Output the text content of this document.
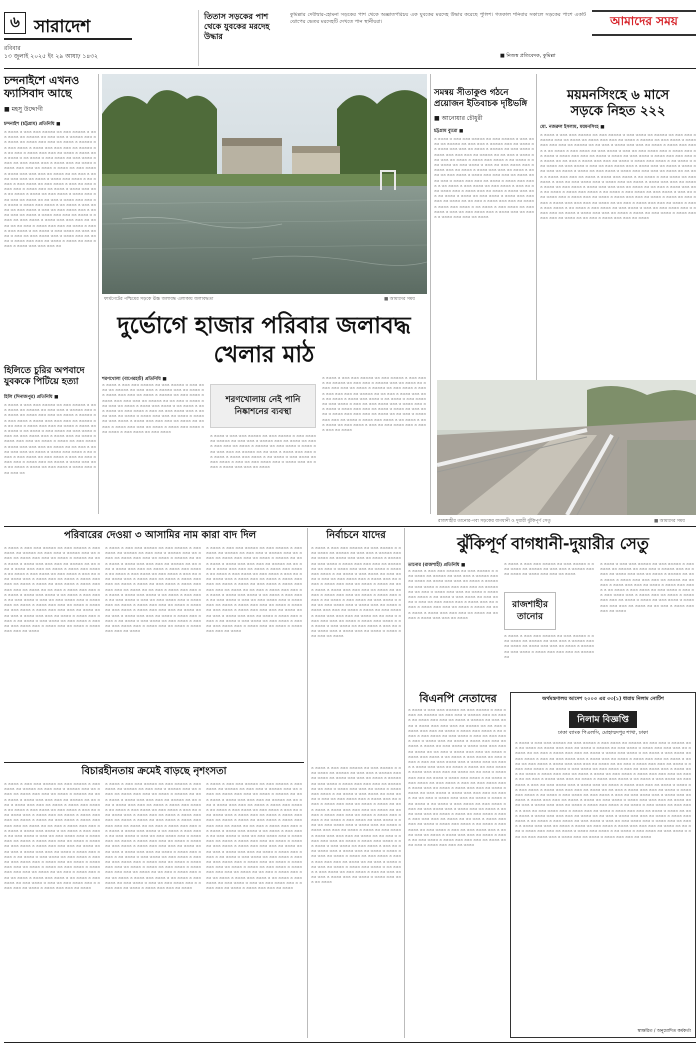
৬ সারাদেশ
রবিবার
১৩ জুলাই ২০২৫ ইং ২৯ আষাঢ় ১৪৩২
তিতাস সড়কের পাশ থেকে যুবকের মরদেহ উদ্ধার
কুমিল্লার দেবীদ্বার-হোমনা সড়কের পাশ থেকে অজ্ঞাতপরিচয় এক যুবকের মরদেহ উদ্ধার করেছে পুলিশ। গতকাল শনিবার সকালে সড়কের পাশে একটি ঝোপের ভেতর মরদেহটি দেখতে পান স্থানীয়রা।
■ নিজস্ব প্রতিবেদক, কুমিল্লা
আমাদের সময়
চন্দনাইশে এখনও ফ্যাসিবাদ আছে
■ মহসু উদ্দোগী
চন্দনাইশ (চট্টগ্রাম) প্রতিনিধি ■
ও ওওওও ও ওওও ওওও ওওওওও ওও ওওও ওওওওও ও ওওও ওওওও ওও ওওওওও ওও ওওও ওওও ও ওওওওও ওওও ওও ওওওও ওও ওওওও ওওও ওওও ওও ওওওও ও ওওওওও ওও ওওও ওওওও ও ওওওও ওওও ওওও ওওও ওও ওওওওও ওও ওও ওওও ও ওওওও ওওও ওওও ওও ওওওও ও ওওওও ওওও ওওওও ও ওও ওওওও ও ওওও ওওওও ওও ওওও ওওওও ও ওওও ওও ওওও ওওওও ওওও ও ওওওও ওওও ওও ওওওও ও ওওওও ওওও ওওও ওও ওওওও ও ওওওও ওও ওওও ওওওও ও ওওওও ওওও ওওও ওওও ওও ওওওও ওও ওও ওওও ও ওওওও ওওও ওওও ওও ওওওও ও ওওওও ওওও ওওওও ও ওও ওওওও ও ওওও ওওওও ওও ওওও ওওওও ও ওওও ওও ওওও ওওওও ওওও ও ওওওও ওওও ওও ওওওও ও ওওওও ওওও ওওও ওও ওওওও ও ওওওও ওও ওওও ওওওও ও ওওওও ওওও ওওও ওওও ওও ওওওও ওও ওও ওওও ও ওওওও ওওও ওওও ওও ওওওও ও ওওওও ওওও ওওওও ও ওও ওওওও ও ওওও ওওওও ওও ওওও ওওওও ও ওওও ওও ওওও ওওওও ওওও ও ওওওও ওওও ওও ওওওও ও ওওওও ওওও ওওও ওও ওওওও ও ওওওও ওও ওওও ওওওও ও ওওওও ওওও ওওও ওওও ওও ওওওও ওও ওও ওওও ও ওওওও ওওও ওওও ওও ওওওও ও ওওওও ওওও ওওওও ও ওও ওওওও ও ওওও ওওওও ওও ওওও ওওওও ও ওওও ওও ওওও ওওওও ওওও ও ওওওও ওওও ওও ওওওও ও ওওওও ওওও ওওও ওও ওওওও ও ওওওও ওও ওওও ওওওও ও ওওওও ওওও ওওও ওওও ওও
হিলিতে চুরির অপবাদে যুবককে পিটিয়ে হত্যা
হিলি (দিনাজপুর) প্রতিনিধি ■
ও ওওওও ও ওওও ওওও ওওওওও ওও ওওও ওওওওও ও ওওও ওওওও ওও ওওওওও ওও ওওও ওওও ও ওওওওও ওওও ওও ওওওও ওও ওওওও ওওও ওওও ওও ওওওও ও ওওওওও ওও ওওও ওওওও ও ওওওও ওওও ওওও ওওও ওও ওওওওও ওও ওও ওওও ও ওওওও ওওও ওওও ওও ওওওও ও ওওওও ওওও ওওওও ও ওও ওওওও ও ওওও ওওওও ওও ওওও ওওওও ও ওওও ওও ওওও ওওওও ওওও ও ওওওও ওওও ওও ওওওও ও ওওওও ওওও ওওও ওও ওওওও ও ওওওও ওও ওওও ওওওও ও ওওওও ওওও ওওও ওওও ওও ওওওও ওও ওও ওওও ও ওওওও ওওও ওওও ওও ওওওও ও ওওওও ওওও ওওওও ও ওও ওওওও ও ওওও ওওওও ওও ওওও ওওওও ও ওওও ওও ওওও ওওওও ওওও ও ওওওও ওওও ওও ওওওও ও ওওওও ওওও ওওও ওও ওওওও ও ওওওও ওও ওওও ওওওও ও ওওওও ওওও ওওও ওওও ওও
ফার্মগেটের পশ্চিমের সড়কে ঊচ্চ জলাবদ্ধ এলাকায় জলাবদ্ধতা	■ আমাদের সময়
দুর্ভোগে হাজার পরিবার জলাবদ্ধ খেলার মাঠ
শরণখোলা (বাগেরহাট) প্রতিনিধি ■
ও ওওওও ও ওওও ওওও ওওওওও ওও ওওও ওওওওও ও ওওও ওওওও ওও ওওওওও ওও ওওও ওওও ও ওওওওও ওওও ওও ওওওও ওও ওওওও ওওও ওওও ওও ওওওও ও ওওওওও ওও ওওও ওওওও ও ওওওও ওওও ওওও ওওও ওও ওওওওও ওও ওও ওওও ও ওওওও ওওও ওওও ওও ওওওও ও ওওওও ওওও ওওওও ও ওও ওওওও ও ওওও ওওওও ওও ওওও ওওওও ও ওওও ওও ওওও ওওওও ওওও ও ওওওও ওওও ওও ওওওও ও ওওওও ওওও ওওও ওও ওওওও ও ওওওও ওও ওওও ওওওও ও ওওওও ওওও ওওও ওওও ওও ওওওও ওও ওও ওওও ও ওওওও ওওও ওওও ওও ওওওও ও ওওওও ওওও ওওওও ও ওও ওওওও ও ওওও ওওওও ওও ওওও ওওওও
শরণখোলায় নেই পানি নিষ্কাশনের ব্যবস্থা
ও ওওওও ও ওওও ওওও ওওওওও ওও ওওও ওওওওও ও ওওও ওওওও ওও ওওওওও ওও ওওও ওওও ও ওওওওও ওওও ওও ওওওও ওও ওওওও ওওও ওওও ওও ওওওও ও ওওওওও ওও ওওও ওওওও ও ওওওও ওওও ওওও ওওও ওও ওওওওও ওও ওও ওওও ও ওওওও ওওও ওওও ওও ওওওও ও ওওওও ওওও ওওওও ও ওও ওওওও ও ওওও ওওওও ওও ওওও ওওওও ও ওওও ওও ওওও ওওওও ওওও ও ওওওও ওওও ওও ওওওও ও ওওওও ওওও ওওও ওও ওওওও
ও ওওওও ও ওওও ওওও ওওওওও ওও ওওও ওওওওও ও ওওও ওওওও ওও ওওওওও ওও ওওও ওওও ও ওওওওও ওওও ওও ওওওও ওও ওওওও ওওও ওওও ওও ওওওও ও ওওওওও ওও ওওও ওওওও ও ওওওও ওওও ওওও ওওও ওও ওওওওও ওও ওও ওওও ও ওওওও ওওও ওওও ওও ওওওও ও ওওওও ওওও ওওওও ও ওও ওওওও ও ওওও ওওওও ওও ওওও ওওওও ও ওওও ওও ওওও ওওওও ওওও ও ওওওও ওওও ওও ওওওও ও ওওওও ওওও ওওও ওও ওওওও ও ওওওও ওও ওওও ওওওও ও ওওওও ওওও ওওও ওওও ওও ওওওও ওও ওও ওওও ও ওওওও ওওও ওওও ওও ওওওও ও ওওওও ওওও ওওওও ও ওও ওওওও ও ওওও ওওওও ওও ওওও ওওওও ও ওওও ওও ওওও ওওওও ওওও ও ওওওও ওওও ওও ওওওও
সমন্বয় সীতাকুণ্ড গঠনে প্রয়োজন ইতিবাচক দৃষ্টিভঙ্গি
■ আনোয়ার চৌধুরী
চট্টগ্রাম ব্যুরো ■
ও ওওওও ও ওওও ওওও ওওওওও ওও ওওও ওওওওও ও ওওও ওওওও ওও ওওওওও ওও ওওও ওওও ও ওওওওও ওওও ওও ওওওও ওও ওওওও ওওও ওওও ওও ওওওও ও ওওওওও ওও ওওও ওওওও ও ওওওও ওওও ওওও ওওও ওও ওওওওও ওও ওও ওওও ও ওওওও ওওও ওওও ওও ওওওও ও ওওওও ওওও ওওওও ও ওও ওওওও ও ওওও ওওওও ওও ওওও ওওওও ও ওওও ওও ওওও ওওওও ওওও ও ওওওও ওওও ওও ওওওও ও ওওওও ওওও ওওও ওও ওওওও ও ওওওও ওও ওওও ওওওও ও ওওওও ওওও ওওও ওওও ওও ওওওও ওও ওও ওওও ও ওওওও ওওও ওওও ওও ওওওও ও ওওওও ওওও ওওওও ও ওও ওওওও ও ওওও ওওওও ওও ওওও ওওওও ও ওওও ওও ওওও ওওওও ওওও ও ওওওও ওওও ওও ওওওও ও ওওওও ওওও ওওও ওও ওওওও ও ওওওও ওও ওওও ওওওও ও ওওওও ওওও ওওও ওওও ওও ওওওও ওও ওও ওওও ও ওওওও ওওও ওওও ওও ওওওও ও ওওওও ওওও ওওওও ও ওও ওওওও ও ওওও ওওওও ওও ওওও ওওওও ও ওওও ওও ওওও ওওওও ওওও ও ওওওও ওওও ওও ওওওও ও ওওওও ওওও ওওও ওও ওওওও
ময়মনসিংহে ৬ মাসে
সড়কে নিহত ২২২
মো. নজরুল ইসলাম, ময়মনসিংহ ■
ও ওওওও ও ওওও ওওও ওওওওও ওও ওওও ওওওওও ও ওওও ওওওও ওও ওওওওও ওও ওওও ওওও ও ওওওওও ওওও ওও ওওওও ওও ওওওও ওওও ওওও ওও ওওওও ও ওওওওও ওও ওওও ওওওও ও ওওওও ওওও ওওও ওওও ওও ওওওওও ওও ওও ওওও ও ওওওও ওওও ওওও ওও ওওওও ও ওওওও ওওও ওওওও ও ওও ওওওও ও ওওও ওওওও ওও ওওও ওওওও ও ওওও ওও ওওও ওওওও ওওও ও ওওওও ওওও ওও ওওওও ও ওওওও ওওও ওওও ওও ওওওও ও ওওওও ওও ওওও ওওওও ও ওওওও ওওও ওওও ওওও ওও ওওওও ওও ওও ওওও ও ওওওও ওওও ওওও ওও ওওওও ও ওওওও ওওও ওওওও ও ওও ওওওও ও ওওও ওওওও ওও ওওও ওওওও ও ওওও ওও ওওও ওওওও ওওও ও ওওওও ওওও ওও ওওওও ও ওওওও ওওও ওওও ওও ওওওও ও ওওওও ওও ওওও ওওওও ও ওওওও ওওও ওওও ওওও ওও ওওওও ওও ওও ওওও ও ওওওও ওওও ওওও ওও ওওওও ও ওওওও ওওও ওওওও ও ওও ওওওও ও ওওও ওওওও ওও ওওও ওওওও ও ওওও ওও ওওও ওওওও ওওও ও ওওওও ওওও ওও ওওওও ও ওওওও ওওও ওওও ওও ওওওও ও ওওওও ওও ওওও ওওওও ও ওওওও ওওও ওওও ওওও ওও ওওওও ওও ওও ওওও ও ওওওও ওওও ওওও ওও ওওওও ও ওওওও ওওও ওওওও ও ওও ওওওও ও ওওও ওওওও ওও ওওও ওওওও ও ওওও ওও ওওও ওওওও ওওও ও ওওওও ওওও ওও ওওওও ও ওওওও ওওও ওওও ওও ওওওও ও ওওওও ওও ওওও ওওওও ও ওওওও ওওও ওওও ওওও ওও ওওওও ওও ওও ওওও ও ওওওও ওওও ওওও ওও ওওওও ও ওওওও ওওও ওওওও ও ওও ওওওও ও ওওও ওওওও ওও ওওও ওওওও ও ওওও ওও ওওও ওওওও ওওও ও ওওওও ওওও ওও ওওওও ও ওওওও ওওও ওওও ওও ওওওও ও ওওওও ওও ওওও ওওওও ও ওওওও ওওও ওওও ওওও ওও ওওওও ওও ওও ওওও ও ওওওও ওওও ওওও ওও ওওওও
রাজশাহীর তানোর-পবা সড়কের বাগধানী ও দুয়ারী ঝুঁকিপূর্ণ সেতু	■ আমাদের সময়
পরিবারের দেওয়া ৩ আসামির নাম কারা বাদ দিল
ও ওওওও ও ওওও ওওও ওওওওও ওও ওওও ওওওওও ও ওওও ওওওও ওও ওওওওও ওও ওওও ওওও ও ওওওওও ওওও ওও ওওওও ওও ওওওও ওওও ওওও ওও ওওওও ও ওওওওও ওও ওওও ওওওও ও ওওওও ওওও ওওও ওওও ওও ওওওওও ওও ওও ওওও ও ওওওও ওওও ওওও ওও ওওওও ও ওওওও ওওও ওওওও ও ওও ওওওও ও ওওও ওওওও ওও ওওও ওওওও ও ওওও ওও ওওও ওওওও ওওও ও ওওওও ওওও ওও ওওওও ও ওওওও ওওও ওওও ওও ওওওও ও ওওওও ওও ওওও ওওওও ও ওওওও ওওও ওওও ওওও ওও ওওওও ওও ওও ওওও ও ওওওও ওওও ওওও ওও ওওওও ও ওওওও ওওও ওওওও ও ওও ওওওও ও ওওও ওওওও ওও ওওও ওওওও ও ওওও ওও ওওও ওওওও ওওও ও ওওওও ওওও ওও ওওওও ও ওওওও ওওও ওওও ওও ওওওও ও ওওওও ওও ওওও ওওওও ও ওওওও ওওও ওওও ওওও ওও ওওওও ওও ওও ওওও ও ওওওও ওওও ওওও ওও ওওওও ও ওওওও ওওও ওওওও ও ওও ওওওও ও ওওও ওওওও ওও ওওও ওওওও ও ওওও ওও ওওও ওওওও ওওও ও ওওওও ওওও ওও ওওওও ও ওওওও ওওও ওওও ওও ওওওও
ও ওওওও ও ওওও ওওও ওওওওও ওও ওওও ওওওওও ও ওওও ওওওও ওও ওওওওও ওও ওওও ওওও ও ওওওওও ওওও ওও ওওওও ওও ওওওও ওওও ওওও ওও ওওওও ও ওওওওও ওও ওওও ওওওও ও ওওওও ওওও ওওও ওওও ওও ওওওওও ওও ওও ওওও ও ওওওও ওওও ওওও ওও ওওওও ও ওওওও ওওও ওওওও ও ওও ওওওও ও ওওও ওওওও ওও ওওও ওওওও ও ওওও ওও ওওও ওওওও ওওও ও ওওওও ওওও ওও ওওওও ও ওওওও ওওও ওওও ওও ওওওও ও ওওওও ওও ওওও ওওওও ও ওওওও ওওও ওওও ওওও ওও ওওওও ওও ওও ওওও ও ওওওও ওওও ওওও ওও ওওওও ও ওওওও ওওও ওওওও ও ওও ওওওও ও ওওও ওওওও ওও ওওও ওওওও ও ওওও ওও ওওও ওওওও ওওও ও ওওওও ওওও ওও ওওওও ও ওওওও ওওও ওওও ওও ওওওও ও ওওওও ওও ওওও ওওওও ও ওওওও ওওও ওওও ওওও ওও ওওওও ওও ওও ওওও ও ওওওও ওওও ওওও ওও ওওওও ও ওওওও ওওও ওওওও ও ওও ওওওও ও ওওও ওওওও ওও ওওও ওওওও ও ওওও ওও ওওও ওওওও ওওও ও ওওওও ওওও ওও ওওওও ও ওওওও ওওও ওওও ওও ওওওও
ও ওওওও ও ওওও ওওও ওওওওও ওও ওওও ওওওওও ও ওওও ওওওও ওও ওওওওও ওও ওওও ওওও ও ওওওওও ওওও ওও ওওওও ওও ওওওও ওওও ওওও ওও ওওওও ও ওওওওও ওও ওওও ওওওও ও ওওওও ওওও ওওও ওওও ওও ওওওওও ওও ওও ওওও ও ওওওও ওওও ওওও ওও ওওওও ও ওওওও ওওও ওওওও ও ওও ওওওও ও ওওও ওওওও ওও ওওও ওওওও ও ওওও ওও ওওও ওওওও ওওও ও ওওওও ওওও ওও ওওওও ও ওওওও ওওও ওওও ওও ওওওও ও ওওওও ওও ওওও ওওওও ও ওওওও ওওও ওওও ওওও ওও ওওওও ওও ওও ওওও ও ওওওও ওওও ওওও ওও ওওওও ও ওওওও ওওও ওওওও ও ওও ওওওও ও ওওও ওওওও ওও ওওও ওওওও ও ওওও ওও ওওও ওওওও ওওও ও ওওওও ওওও ওও ওওওও ও ওওওও ওওও ওওও ওও ওওওও ও ওওওও ওও ওওও ওওওও ও ওওওও ওওও ওওও ওওও ওও ওওওও ওও ওও ওওও ও ওওওও ওওও ওওও ওও ওওওও ও ওওওও ওওও ওওওও ও ওও ওওওও ও ওওও ওওওও ওও ওওও ওওওও ও ওওও ওও ওওও ওওওও ওওও ও ওওওও ওওও ওও ওওওও ও ওওওও ওওও ওওও ওও ওওওও
নির্বাচনে যাদের
ও ওওওও ও ওওও ওওও ওওওওও ওও ওওও ওওওওও ও ওওও ওওওও ওও ওওওওও ওও ওওও ওওও ও ওওওওও ওওও ওও ওওওও ওও ওওওও ওওও ওওও ওও ওওওও ও ওওওওও ওও ওওও ওওওও ও ওওওও ওওও ওওও ওওও ওও ওওওওও ওও ওও ওওও ও ওওওও ওওও ওওও ওও ওওওও ও ওওওও ওওও ওওওও ও ওও ওওওও ও ওওও ওওওও ওও ওওও ওওওও ও ওওও ওও ওওও ওওওও ওওও ও ওওওও ওওও ওও ওওওও ও ওওওও ওওও ওওও ওও ওওওও ও ওওওও ওও ওওও ওওওও ও ওওওও ওওও ওওও ওওও ওও ওওওও ওও ওও ওওও ও ওওওও ওওও ওওও ওও ওওওও ও ওওওও ওওও ওওওও ও ওও ওওওও ও ওওও ওওওও ওও ওওও ওওওও ও ওওও ওও ওওও ওওওও ওওও ও ওওওও ওওও ওও ওওওও ও ওওওও ওওও ওওও ওও ওওওও ও ওওওও ওও ওওও ওওওও ও ওওওও ওওও ওওও ওওও ওও ওওওও ওও ওও ওওও ও ওওওও ওওও ওওও ওও ওওওও ও ওওওও ওওও ওওওও ও ওও ওওওও ও ওওও ওওওও ওও ওওও ওওওও ও ওওও ওও ওওও ওওওও ওওও ও ওওওও ওওও ওও ওওওও ও ওওওও ওওও ওওও ওও ওওওও
ঝুঁকিপূর্ণ বাগধানী-দুয়ারীর সেতু
তানোর (রাজশাহী) প্রতিনিধি ■
ও ওওওও ও ওওও ওওও ওওওওও ওও ওওও ওওওওও ও ওওও ওওওও ওও ওওওওও ওও ওওও ওওও ও ওওওওও ওওও ওও ওওওও ওও ওওওও ওওও ওওও ওও ওওওও ও ওওওওও ওও ওওও ওওওও ও ওওওও ওওও ওওও ওওও ওও ওওওওও ওও ওও ওওও ও ওওওও ওওও ওওও ওও ওওওও ও ওওওও ওওও ওওওও ও ওও ওওওও ও ওওও ওওওও ওও ওওও ওওওও ও ওওও ওও ওওও ওওওও ওওও ও ওওওও ওওও ওও ওওওও ও ওওওও ওওও ওওও ওও ওওওও ও ওওওও ওও ওওও ওওওও ও ওওওও ওওও ওওও ওওও ওও ওওওও ওও ওও ওওও ও ওওওও ওওও ওওও ওও ওওওও
ও ওওওও ও ওওও ওওও ওওওওও ওও ওওও ওওওওও ও ওওও ওওওও ওও ওওওওও ওও ওওও ওওও ও ওওওওও ওওও ওও ওওওও ওও ওওওও ওওও ওওও ওও ওওওও
রাজশাহীর তানোর
ও ওওওও ও ওওও ওওও ওওওওও ওও ওওও ওওওওও ও ওওও ওওওও ওও ওওওওও ওও ওওও ওওও ও ওওওওও ওওও ওও ওওওও ওও ওওওও ওওও ওওও ওও ওওওও ও ওওওওও ওও ওওও ওওওও ও ওওওও ওওও ওওও ওওও ওও ওওওওও ওও
ও ওওওও ও ওওও ওওও ওওওওও ওও ওওও ওওওওও ও ওওও ওওওও ওও ওওওওও ওও ওওও ওওও ও ওওওওও ওওও ওও ওওওও ওও ওওওও ওওও ওওও ওও ওওওও ও ওওওওও ওও ওওও ওওওও ও ওওওও ওওও ওওও ওওও ওও ওওওওও ওও ওও ওওও ও ওওওও ওওও ওওও ওও ওওওও ও ওওওও ওওও ওওওও ও ওও ওওওও ও ওওও ওওওও ওও ওওও ওওওও ও ওওও ওও ওওও ওওওও ওওও ও ওওওও ওওও ওও ওওওও ও ওওওও ওওও ওওও ওও ওওওও ও ওওওও ওও ওওও ওওওও ও ওওওও ওওও ওওও ওওও ওও ওওওও ওও ওও ওওও ও ওওওও ওওও ওওও ওও ওওওও
বিএনপি নেতাদের
ও ওওওও ও ওওও ওওও ওওওওও ওও ওওও ওওওওও ও ওওও ওওওও ওও ওওওওও ওও ওওও ওওও ও ওওওওও ওওও ওও ওওওও ওও ওওওও ওওও ওওও ওও ওওওও ও ওওওওও ওও ওওও ওওওও ও ওওওও ওওও ওওও ওওও ওও ওওওওও ওও ওও ওওও ও ওওওও ওওও ওওও ওও ওওওও ও ওওওও ওওও ওওওও ও ওও ওওওও ও ওওও ওওওও ওও ওওও ওওওও ও ওওও ওও ওওও ওওওও ওওও ও ওওওও ওওও ওও ওওওও ও ওওওও ওওও ওওও ওও ওওওও ও ওওওও ওও ওওও ওওওও ও ওওওও ওওও ওওও ওওও ওও ওওওও ওও ওও ওওও ও ওওওও ওওও ওওও ওও ওওওও ও ওওওও ওওও ওওওও ও ওও ওওওও ও ওওও ওওওও ওও ওওও ওওওও ও ওওও ওও ওওও ওওওও ওওও ও ওওওও ওওও ওও ওওওও ও ওওওও ওওও ওওও ওও ওওওও ও ওওওও ওও ওওও ওওওও ও ওওওও ওওও ওওও ওওও ওও ওওওও ওও ওও ওওও ও ওওওও ওওও ওওও ওও ওওওও ও ওওওও ওওও ওওওও ও ওও ওওওও ও ওওও ওওওও ওও ওওও ওওওও ও ওওও ওও ওওও ওওওও ওওও ও ওওওও ওওও ওও ওওওও ও ওওওও ওওও ওওও ওও ওওওও ও ওওওও ওও ওওও ওওওও ও ওওওও ওওও ওওও ওওও ওও ওওওও ওও ওও ওওও ও ওওওও ওওও ওওও ওও ওওওও ও ওওওও ওওও ওওওও ও ওও ওওওও ও ওওও ওওওও ওও ওওও ওওওও ও ওওও ওও ওওও ওওওও ওওও ও ওওওও ওওও ওও ওওওও ও ওওওও ওওও ওওও ওও ওওওও ও ওওওও ওও ওওও ওওওও ও ওওওও ওওও ওওও ওওও ওও ওওওও ওও ওও ওওও ও ওওওও ওওও ওওও ওও ওওওও ও ওওওও ওওও ওওওও ও ওও ওওওও ও ওওও ওওওও ওও ওওও ওওওও ও ওওও ওও ওওও ওওওও ওওও ও ওওওও ওওও ওও ওওওও ও ওওওও ওওও ওওও ওও ওওওও ও ওওওও ওও ওওও ওওওও ও ওওওও ওওও ওওও ওওও ওও ওওওও ওও ওও ওওও ও ওওওও ওওও ওওও ওও ওওওও
অর্থমন্ত্রণালয় আদেশ ২০০৩ এর ৩৩(১) ধারায় নিলাম নোটিশ
নিলাম বিজ্ঞপ্তি
ঢাকা ব্যাংক পিএলসি, মোহাম্মদপুর শাখা, ঢাকা
ও ওওওও ও ওওও ওওও ওওওওও ওও ওওও ওওওওও ও ওওও ওওওও ওও ওওওওও ওও ওওও ওওও ও ওওওওও ওওও ওও ওওওও ওও ওওওও ওওও ওওও ওও ওওওও ও ওওওওও ওও ওওও ওওওও ও ওওওও ওওও ওওও ওওও ওও ওওওওও ওও ওও ওওও ও ওওওও ওওও ওওও ওও ওওওও ও ওওওও ওওও ওওওও ও ওও ওওওও ও ওওও ওওওও ওও ওওও ওওওও ও ওওও ওও ওওও ওওওও ওওও ও ওওওও ওওও ওও ওওওও ও ওওওও ওওও ওওও ওও ওওওও ও ওওওও ওও ওওও ওওওও ও ওওওও ওওও ওওও ওওও ওও ওওওও ওও ওও ওওও ও ওওওও ওওও ওওও ওও ওওওও ও ওওওও ওওও ওওওও ও ওও ওওওও ও ওওও ওওওও ওও ওওও ওওওও ও ওওও ওও ওওও ওওওও ওওও ও ওওওও ওওও ওও ওওওও ও ওওওও ওওও ওওও ওও ওওওও ও ওওওও ওও ওওও ওওওও ও ওওওও ওওও ওওও ওওও ওও ওওওও ওও ওও ওওও ও ওওওও ওওও ওওও ওও ওওওও ও ওওওও ওওও ওওওও ও ওও ওওওও ও ওওও ওওওও ওও ওওও ওওওও ও ওওও ওও ওওও ওওওও ওওও ও ওওওও ওওও ওও ওওওও ও ওওওও ওওও ওওও ওও ওওওও ও ওওওও ওও ওওও ওওওও ও ওওওও ওওও ওওও ওওও ওও ওওওও ওও ওও ওওও ও ওওওও ওওও ওওও ওও ওওওও ও ওওওও ওওও ওওওও ও ওও ওওওও ও ওওও ওওওও ওও ওওও ওওওও ও ওওও ওও ওওও ওওওও ওওও ও ওওওও ওওও ওও ওওওও ও ওওওও ওওও ওওও ওও ওওওও ও ওওওও ওও ওওও ওওওও ও ওওওও ওওও ওওও ওওও ওও ওওওও ওও ওও ওওও ও ওওওও ওওও ওওও ওও ওওওও ও ওওওও ওওও ওওওও ও ওও ওওওও ও ওওও ওওওও ওও ওওও ওওওও ও ওওও ওও ওওও ওওওও ওওও ও ওওওও ওওও ওও ওওওও ও ওওওও ওওও ওওও ওও ওওওও ও ওওওও ওও ওওও ওওওও ও ওওওও ওওও ওওও ওওও ওও ওওওও ওও ওও ওওও ও ওওওও ওওও ওওও ওও ওওওও ও ওওওও ওওও ওওওও ও ওও ওওওও ও ওওও ওওওও ওও ওওও ওওওও ও ওওও ওও ওওও ওওওও ওওও ও ওওওও ওওও ওও ওওওও ও ওওওও ওওও ওওও ওও ওওওও ও ওওওও ওও ওওও ওওওও ও ওওওও ওওও ওওও ওওও ওও ওওওও ওও ওও ওওও ও ওওওও ওওও ওওও ওও ওওওও ও ওওওও ওওও ওওওও ও ওও ওওওও ও ওওও ওওওও ওও ওওও ওওওও ও ওওও ওও ওওও ওওওও ওওও ও ওওওও ওওও ওও ওওওও ও ওওওও ওওও ওওও ওও ওওওও
স্বাক্ষরিত / অনুমোদিত কর্মকর্তা
বিচারহীনতায় ক্রমেই বাড়ছে নৃশংসতা
ও ওওওও ও ওওও ওওও ওওওওও ওও ওওও ওওওওও ও ওওও ওওওও ওও ওওওওও ওও ওওও ওওও ও ওওওওও ওওও ওও ওওওও ওও ওওওও ওওও ওওও ওও ওওওও ও ওওওওও ওও ওওও ওওওও ও ওওওও ওওও ওওও ওওও ওও ওওওওও ওও ওও ওওও ও ওওওও ওওও ওওও ওও ওওওও ও ওওওও ওওও ওওওও ও ওও ওওওও ও ওওও ওওওও ওও ওওও ওওওও ও ওওও ওও ওওও ওওওও ওওও ও ওওওও ওওও ওও ওওওও ও ওওওও ওওও ওওও ওও ওওওও ও ওওওও ওও ওওও ওওওও ও ওওওও ওওও ওওও ওওও ওও ওওওও ওও ওও ওওও ও ওওওও ওওও ওওও ওও ওওওও ও ওওওও ওওও ওওওও ও ওও ওওওও ও ওওও ওওওও ওও ওওও ওওওও ও ওওও ওও ওওও ওওওও ওওও ও ওওওও ওওও ওও ওওওও ও ওওওও ওওও ওওও ওও ওওওও ও ওওওও ওও ওওও ওওওও ও ওওওও ওওও ওওও ওওও ওও ওওওও ওও ওও ওওও ও ওওওও ওওও ওওও ওও ওওওও ও ওওওও ওওও ওওওও ও ওও ওওওও ও ওওও ওওওও ওও ওওও ওওওও ও ওওও ওও ওওও ওওওও ওওও ও ওওওও ওওও ওও ওওওও ও ওওওও ওওও ওওও ওও ওওওও ও ওওওও ওও ওওও ওওওও ও ওওওও ওওও ওওও ওওও ওও ওওওও ওও ওও ওওও ও ওওওও ওওও ওওও ওও ওওওও ও ওওওও ওওও ওওওও ও ওও ওওওও ও ওওও ওওওও ওও ওওও ওওওও ও ওওও ওও ওওও ওওওও ওওও ও ওওওও ওওও ওও ওওওও ও ওওওও ওওও ওওও ওও ওওওও
ও ওওওও ও ওওও ওওও ওওওওও ওও ওওও ওওওওও ও ওওও ওওওও ওও ওওওওও ওও ওওও ওওও ও ওওওওও ওওও ওও ওওওও ওও ওওওও ওওও ওওও ওও ওওওও ও ওওওওও ওও ওওও ওওওও ও ওওওও ওওও ওওও ওওও ওও ওওওওও ওও ওও ওওও ও ওওওও ওওও ওওও ওও ওওওও ও ওওওও ওওও ওওওও ও ওও ওওওও ও ওওও ওওওও ওও ওওও ওওওও ও ওওও ওও ওওও ওওওও ওওও ও ওওওও ওওও ওও ওওওও ও ওওওও ওওও ওওও ওও ওওওও ও ওওওও ওও ওওও ওওওও ও ওওওও ওওও ওওও ওওও ওও ওওওও ওও ওও ওওও ও ওওওও ওওও ওওও ওও ওওওও ও ওওওও ওওও ওওওও ও ওও ওওওও ও ওওও ওওওও ওও ওওও ওওওও ও ওওও ওও ওওও ওওওও ওওও ও ওওওও ওওও ওও ওওওও ও ওওওও ওওও ওওও ওও ওওওও ও ওওওও ওও ওওও ওওওও ও ওওওও ওওও ওওও ওওও ওও ওওওও ওও ওও ওওও ও ওওওও ওওও ওওও ওও ওওওও ও ওওওও ওওও ওওওও ও ওও ওওওও ও ওওও ওওওও ওও ওওও ওওওও ও ওওও ওও ওওও ওওওও ওওও ও ওওওও ওওও ওও ওওওও ও ওওওও ওওও ওওও ওও ওওওও ও ওওওও ওও ওওও ওওওও ও ওওওও ওওও ওওও ওওও ওও ওওওও ওও ওও ওওও ও ওওওও ওওও ওওও ওও ওওওও ও ওওওও ওওও ওওওও ও ওও ওওওও ও ওওও ওওওও ওও ওওও ওওওও ও ওওও ওও ওওও ওওওও ওওও ও ওওওও ওওও ওও ওওওও ও ওওওও ওওও ওওও ওও ওওওও
ও ওওওও ও ওওও ওওও ওওওওও ওও ওওও ওওওওও ও ওওও ওওওও ওও ওওওওও ওও ওওও ওওও ও ওওওওও ওওও ওও ওওওও ওও ওওওও ওওও ওওও ওও ওওওও ও ওওওওও ওও ওওও ওওওও ও ওওওও ওওও ওওও ওওও ওও ওওওওও ওও ওও ওওও ও ওওওও ওওও ওওও ওও ওওওও ও ওওওও ওওও ওওওও ও ওও ওওওও ও ওওও ওওওও ওও ওওও ওওওও ও ওওও ওও ওওও ওওওও ওওও ও ওওওও ওওও ওও ওওওও ও ওওওও ওওও ওওও ওও ওওওও ও ওওওও ওও ওওও ওওওও ও ওওওও ওওও ওওও ওওও ওও ওওওও ওও ওও ওওও ও ওওওও ওওও ওওও ওও ওওওও ও ওওওও ওওও ওওওও ও ওও ওওওও ও ওওও ওওওও ওও ওওও ওওওও ও ওওও ওও ওওও ওওওও ওওও ও ওওওও ওওও ওও ওওওও ও ওওওও ওওও ওওও ওও ওওওও ও ওওওও ওও ওওও ওওওও ও ওওওও ওওও ওওও ওওও ওও ওওওও ওও ওও ওওও ও ওওওও ওওও ওওও ওও ওওওও ও ওওওও ওওও ওওওও ও ওও ওওওও ও ওওও ওওওও ওও ওওও ওওওও ও ওওও ওও ওওও ওওওও ওওও ও ওওওও ওওও ওও ওওওও ও ওওওও ওওও ওওও ওও ওওওও ও ওওওও ওও ওওও ওওওও ও ওওওও ওওও ওওও ওওও ওও ওওওও ওও ওও ওওও ও ওওওও ওওও ওওও ওও ওওওও ও ওওওও ওওও ওওওও ও ওও ওওওও ও ওওও ওওওও ওও ওওও ওওওও ও ওওও ওও ওওও ওওওও ওওও ও ওওওও ওওও ওও ওওওও ও ওওওও ওওও ওওও ওও ওওওও
ও ওওওও ও ওওও ওওও ওওওওও ওও ওওও ওওওওও ও ওওও ওওওও ওও ওওওওও ওও ওওও ওওও ও ওওওওও ওওও ওও ওওওও ওও ওওওও ওওও ওওও ওও ওওওও ও ওওওওও ওও ওওও ওওওও ও ওওওও ওওও ওওও ওওও ওও ওওওওও ওও ওও ওওও ও ওওওও ওওও ওওও ওও ওওওও ও ওওওও ওওও ওওওও ও ওও ওওওও ও ওওও ওওওও ওও ওওও ওওওও ও ওওও ওও ওওও ওওওও ওওও ও ওওওও ওওও ওও ওওওও ও ওওওও ওওও ওওও ওও ওওওও ও ওওওও ওও ওওও ওওওও ও ওওওও ওওও ওওও ওওও ওও ওওওও ওও ওও ওওও ও ওওওও ওওও ওওও ওও ওওওও ও ওওওও ওওও ওওওও ও ওও ওওওও ও ওওও ওওওও ওও ওওও ওওওও ও ওওও ওও ওওও ওওওও ওওও ও ওওওও ওওও ওও ওওওও ও ওওওও ওওও ওওও ওও ওওওও ও ওওওও ওও ওওও ওওওও ও ওওওও ওওও ওওও ওওও ওও ওওওও ওও ওও ওওও ও ওওওও ওওও ওওও ওও ওওওও ও ওওওও ওওও ওওওও ও ওও ওওওও ও ওওও ওওওও ওও ওওও ওওওও ও ওওও ওও ওওও ওওওও ওওও ও ওওওও ওওও ওও ওওওও ও ওওওও ওওও ওওও ওও ওওওও ও ওওওও ওও ওওও ওওওও ও ওওওও ওওও ওওও ওওও ওও ওওওও ওও ওও ওওও ও ওওওও ওওও ওওও ওও ওওওও ও ওওওও ওওও ওওওও ও ওও ওওওও ও ওওও ওওওও ওও ওওও ওওওও ও ওওও ওও ওওও ওওওও ওওও ও ওওওও ওওও ওও ওওওও ও ওওওও ওওও ওওও ওও ওওওও
